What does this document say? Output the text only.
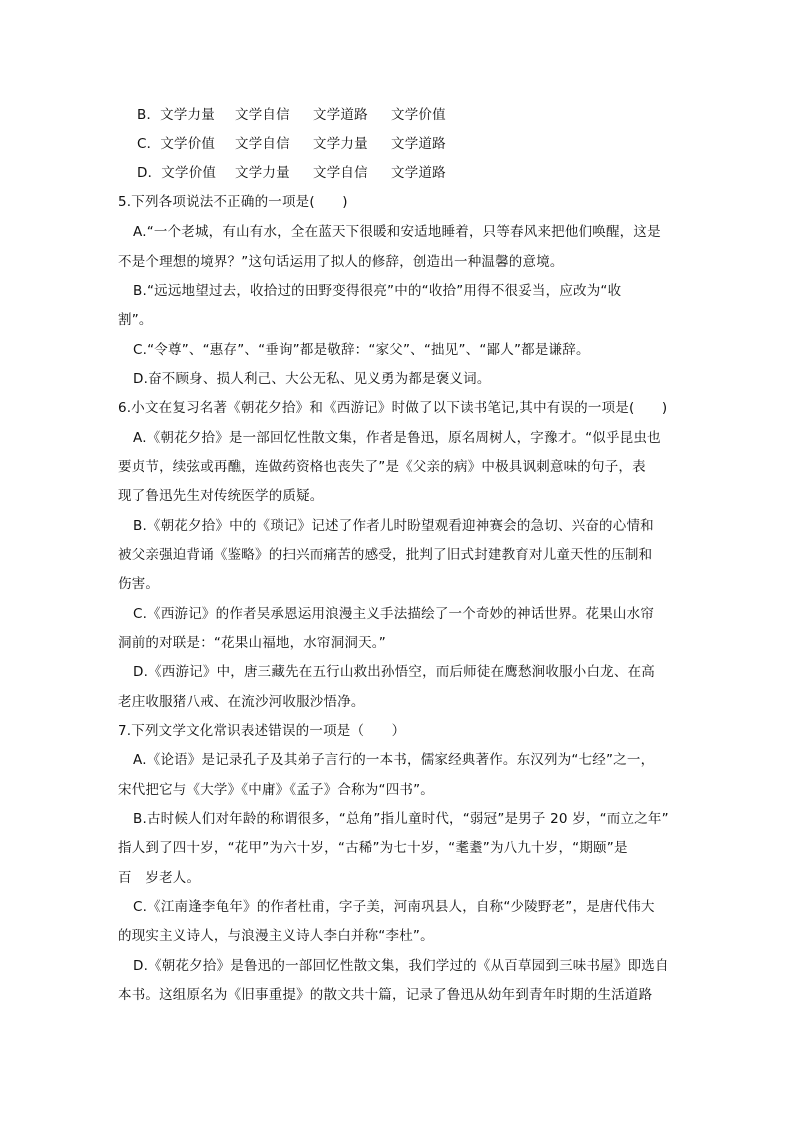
B．文学力量 文学自信 文学道路 文学价值
C．文学价值 文学自信 文学力量 文学道路
D．文学价值 文学力量 文学自信 文学道路
5.下列各项说法不正确的一项是(　　)
A.“一个老城，有山有水，全在蓝天下很暖和安适地睡着，只等春风来把他们唤醒，这是
不是个理想的境界？”这句话运用了拟人的修辞，创造出一种温馨的意境。
B.“远远地望过去，收拾过的田野变得很亮”中的“收拾”用得不很妥当，应改为“收
割”。
C.“令尊”、“惠存”、“垂询”都是敬辞：“家父”、“拙见”、“鄙人”都是谦辞。
D.奋不顾身、损人利己、大公无私、见义勇为都是褒义词。
6.小文在复习名著《朝花夕拾》和《西游记》时做了以下读书笔记,其中有误的一项是(　　)
A.《朝花夕拾》是一部回忆性散文集，作者是鲁迅，原名周树人，字豫才。“似乎昆虫也
要贞节，续弦或再醮，连做药资格也丧失了”是《父亲的病》中极具讽刺意味的句子，表
现了鲁迅先生对传统医学的质疑。
B.《朝花夕拾》中的《琐记》记述了作者儿时盼望观看迎神赛会的急切、兴奋的心情和
被父亲强迫背诵《鉴略》的扫兴而痛苦的感受，批判了旧式封建教育对儿童天性的压制和
伤害。
C.《西游记》的作者吴承恩运用浪漫主义手法描绘了一个奇妙的神话世界。花果山水帘
洞前的对联是：“花果山福地，水帘洞洞天。”
D.《西游记》中，唐三藏先在五行山救出孙悟空，而后师徒在鹰愁涧收服小白龙、在高
老庄收服猪八戒、在流沙河收服沙悟净。
7.下列文学文化常识表述错误的一项是（　　）
A.《论语》是记录孔子及其弟子言行的一本书，儒家经典著作。东汉列为“七经”之一，
宋代把它与《大学》《中庸》《孟子》合称为“四书”。
B.古时候人们对年龄的称谓很多，“总角”指儿童时代，“弱冠”是男子 20 岁，“而立之年”
指人到了四十岁，“花甲”为六十岁，“古稀”为七十岁，“耄耋”为八九十岁，“期颐”是
百　岁老人。
C.《江南逢李龟年》的作者杜甫，字子美，河南巩县人，自称“少陵野老”，是唐代伟大
的现实主义诗人，与浪漫主义诗人李白并称“李杜”。
D.《朝花夕拾》是鲁迅的一部回忆性散文集，我们学过的《从百草园到三味书屋》即选自
本书。这组原名为《旧事重提》的散文共十篇，记录了鲁迅从幼年到青年时期的生活道路
